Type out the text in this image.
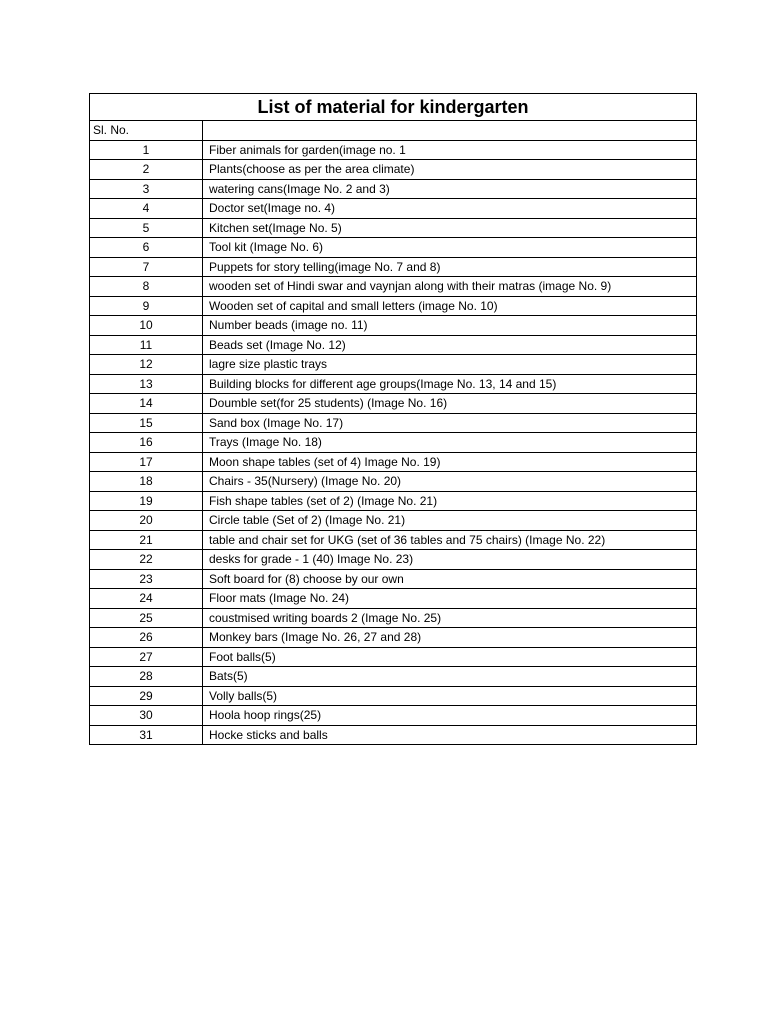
List of material for kindergarten	
Sl. No.	
1	Fiber animals for garden(image no. 1
2	Plants(choose as per the area climate)
3	watering cans(Image No. 2 and 3)
4	Doctor set(Image no. 4)
5	Kitchen set(Image No. 5)
6	Tool kit (Image No. 6)
7	Puppets for story telling(image No. 7 and 8)
8	wooden set of Hindi swar and vaynjan along with their matras (image No. 9)
9	Wooden set of capital and small letters (image No. 10)
10	Number beads (image no. 11)
11	Beads set (Image No. 12)
12	lagre size plastic trays
13	Building blocks for different age groups(Image No. 13, 14 and 15)
14	Doumble set(for 25 students) (Image No. 16)
15	Sand box (Image No. 17)
16	Trays (Image No. 18)
17	Moon shape tables (set of 4) Image No. 19)
18	Chairs - 35(Nursery) (Image No. 20)
19	Fish shape tables (set of 2) (Image No. 21)
20	Circle table (Set of 2) (Image No. 21)
21	table and chair set for UKG (set of 36 tables and 75 chairs) (Image No. 22)
22	desks for grade - 1 (40) Image No. 23)
23	Soft board for (8) choose by our own
24	Floor mats (Image No. 24)
25	coustmised writing boards 2 (Image No. 25)
26	Monkey bars (Image No. 26, 27 and 28)
27	Foot balls(5)
28	Bats(5)
29	Volly balls(5)
30	Hoola hoop rings(25)
31	Hocke sticks and balls
